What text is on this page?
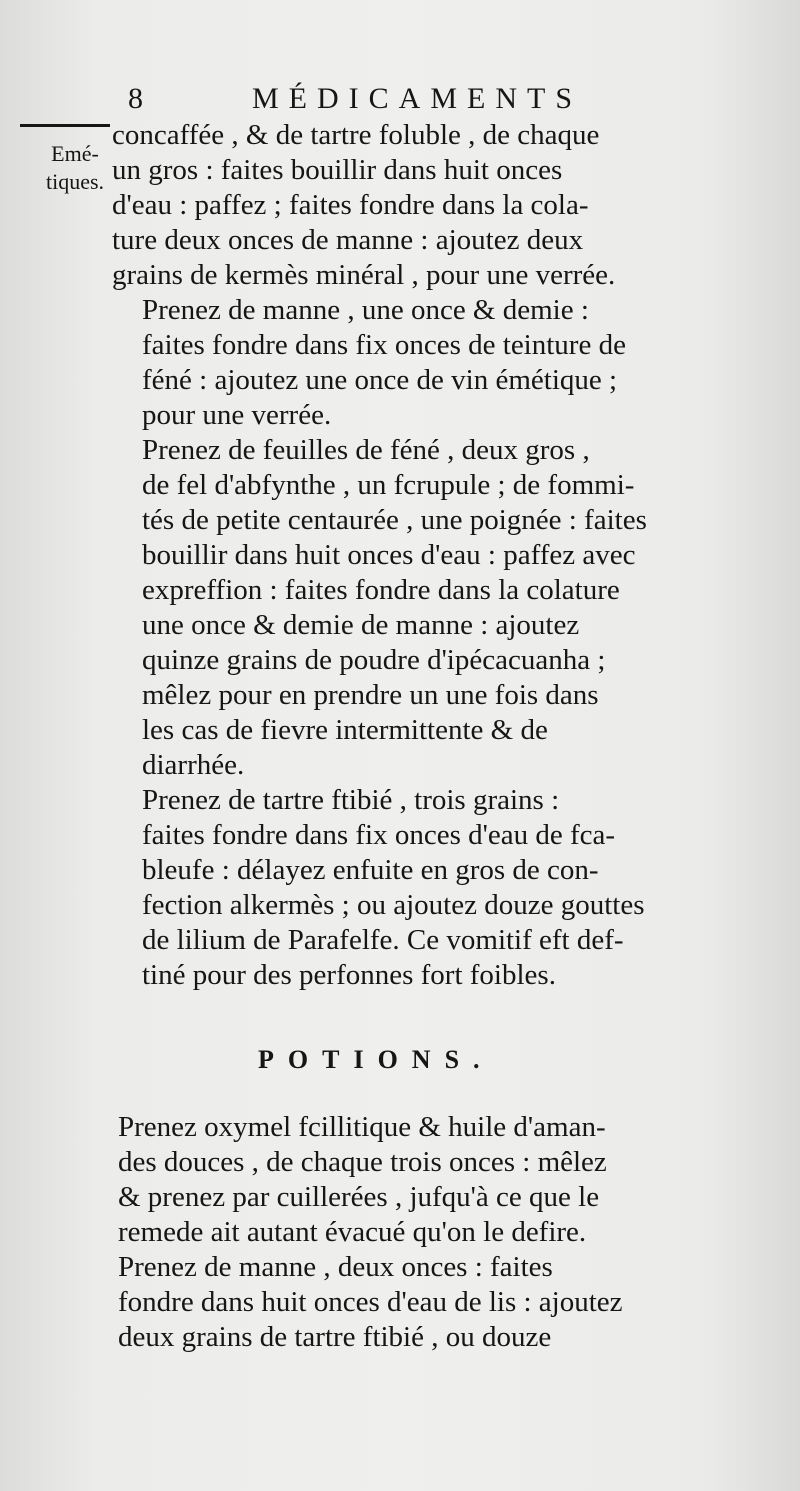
8	MÉDICAMENTS
Emé-
tiques.

concaffée , & de tartre foluble , de chaque
un gros : faites bouillir dans huit onces
d'eau : paffez ; faites fondre dans la cola-
ture deux onces de manne : ajoutez deux
grains de kermès minéral , pour une verrée.

Prenez de manne , une once & demie :
faites fondre dans fix onces de teinture de
féné : ajoutez une once de vin émétique ;
pour une verrée.

Prenez de feuilles de féné , deux gros ,
de fel d'abfynthe , un fcrupule ; de fommi-
tés de petite centaurée , une poignée : faites
bouillir dans huit onces d'eau : paffez avec
expreffion : faites fondre dans la colature
une once & demie de manne : ajoutez
quinze grains de poudre d'ipécacuanha ;
mêlez pour en prendre un une fois dans
les cas de fievre intermittente & de
diarrhée.

Prenez de tartre ftibié , trois grains :
faites fondre dans fix onces d'eau de fca-
bleufe : délayez enfuite en gros de con-
fection alkermès ; ou ajoutez douze gouttes
de lilium de Parafelfe. Ce vomitif eft def-
tiné pour des perfonnes fort foibles.

POTIONS.

Prenez oxymel fcillitique & huile d'aman-
des douces , de chaque trois onces : mêlez
& prenez par cuillerées , jufqu'à ce que le
remede ait autant évacué qu'on le defire.

Prenez de manne , deux onces : faites
fondre dans huit onces d'eau de lis : ajoutez
deux grains de tartre ftibié , ou douze
